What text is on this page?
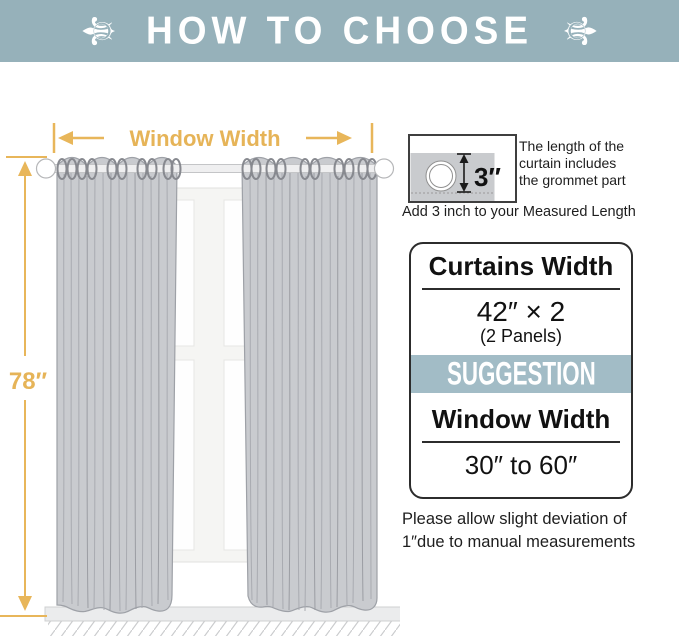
⚜ HOW TO CHOOSE ⚜
Window Width
78″
3″
The length of the
curtain includes
the grommet part
Add 3 inch to your Measured Length
Curtains Width
42″ × 2
(2 Panels)
SUGGESTION
Window Width
30″ to 60″
Please allow slight deviation of
1″due to manual measurements
